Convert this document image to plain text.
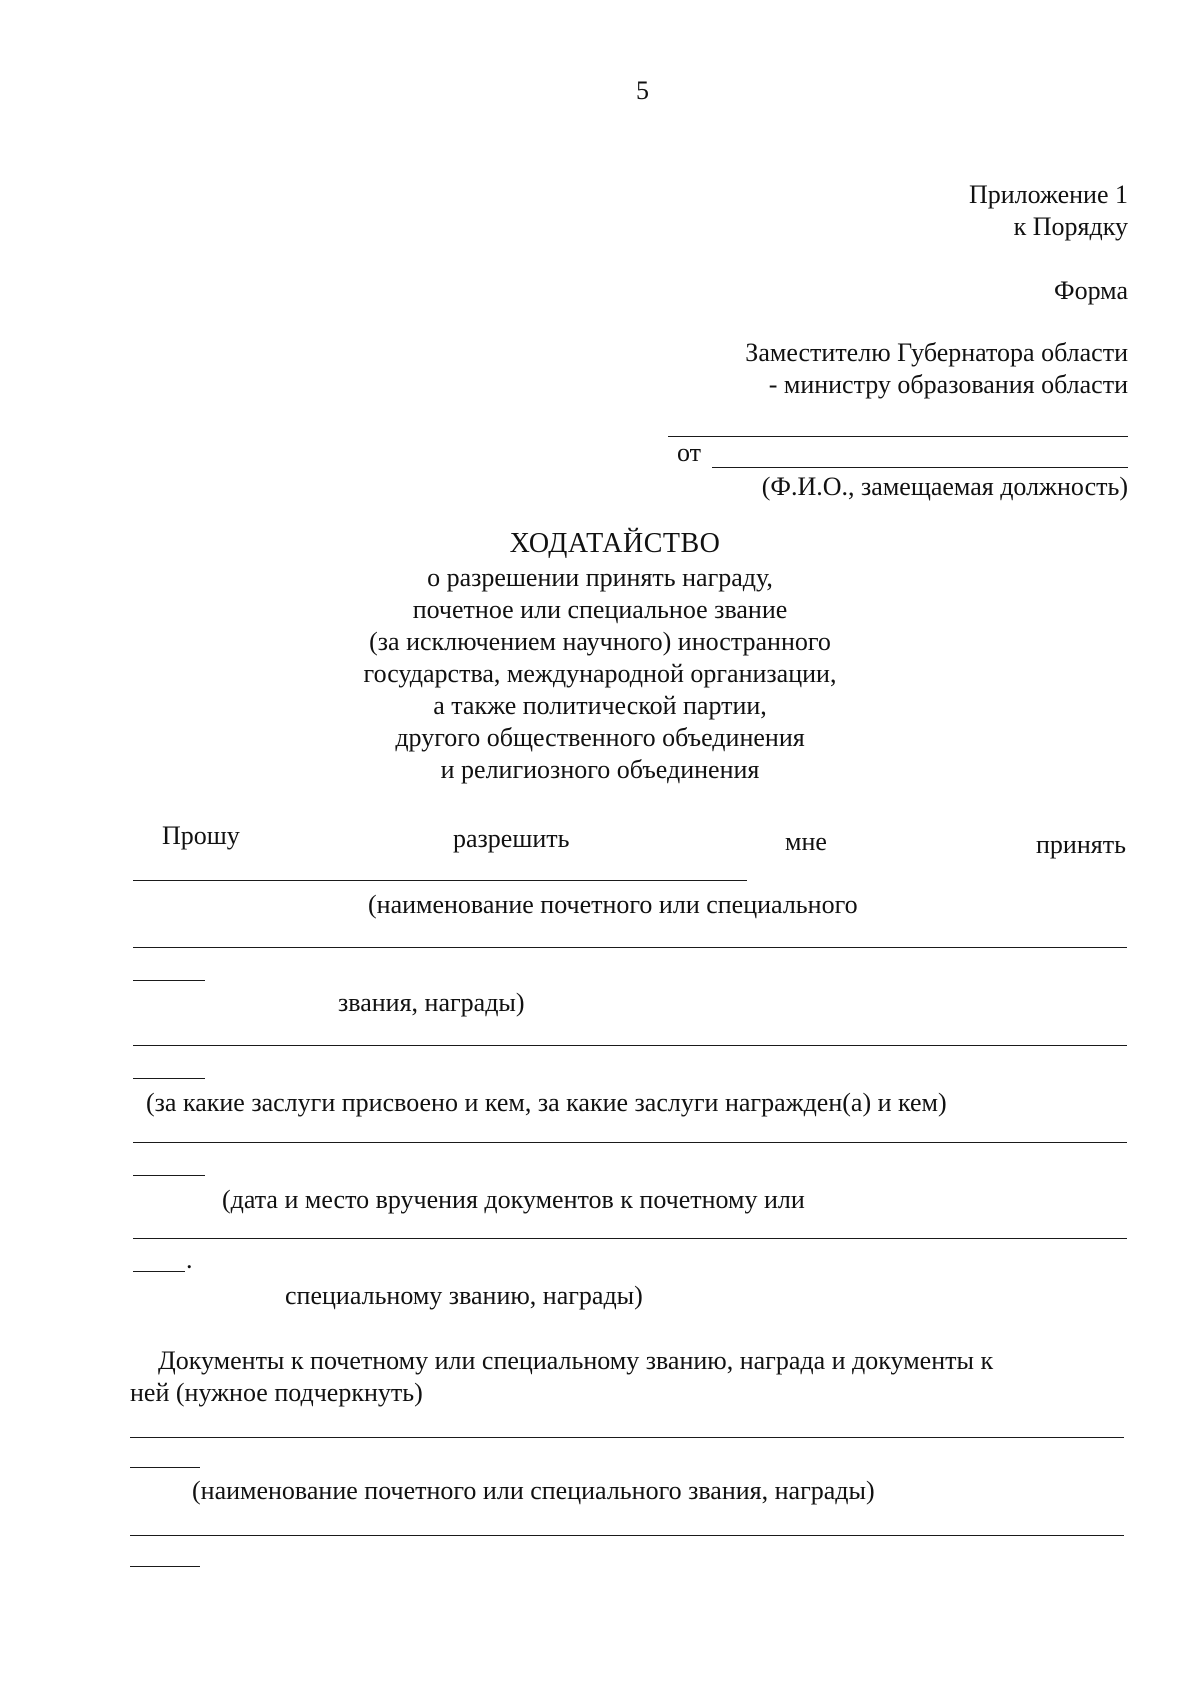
5
Приложение 1
к Порядку
Форма
Заместителю Губернатора области
- министру образования области
от
(Ф.И.О., замещаемая должность)
ХОДАТАЙСТВО
о разрешении принять награду,
почетное или специальное звание
(за исключением научного) иностранного
государства, международной организации,
а также политической партии,
другого общественного объединения
и религиозного объединения
Прошу	разрешить	мне	принять
(наименование почетного или специального
звания, награды)
(за какие заслуги присвоено и кем, за какие заслуги награжден(а) и кем)
(дата и место вручения документов к почетному или
.
специальному званию, награды)
Документы к почетному или специальному званию, награда и документы к
ней (нужное подчеркнуть)
(наименование почетного или специального звания, награды)
